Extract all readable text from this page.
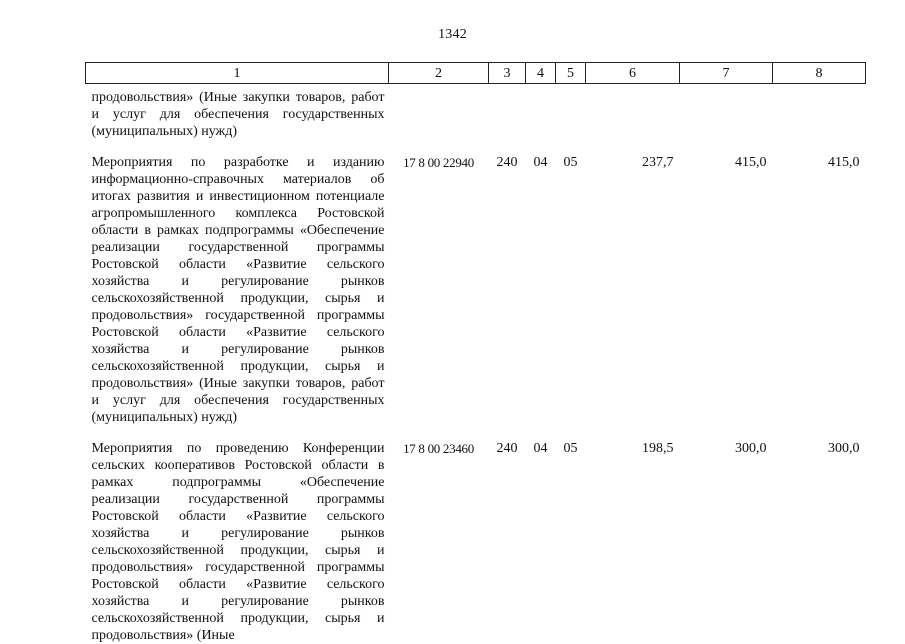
1342
1	2	3	4	5	6	7	8
продовольствия» (Иные закупки товаров, работ и услуг для обеспечения государственных (муниципальных) нужд)							
Мероприятия по разработке и изданию информационно-справочных материалов об итогах развития и инвестиционном потенциале агропромышленного комплекса Ростовской области в рамках подпрограммы «Обеспечение реализации государственной программы Ростовской области «Развитие сельского хозяйства и регулирование рынков сельскохозяйственной продукции, сырья и продовольствия» государственной программы Ростовской области «Развитие сельского хозяйства и регулирование рынков сельскохозяйственной продукции, сырья и продовольствия» (Иные закупки товаров, работ и услуг для обеспечения государственных (муниципальных) нужд)	17 8 00 22940	240	04	05	237,7	415,0	415,0
Мероприятия по проведению Конференции сельских кооперативов Ростовской области в рамках подпрограммы «Обеспечение реализации государственной программы Ростовской области «Развитие сельского хозяйства и регулирование рынков сельскохозяйственной продукции, сырья и продовольствия» государственной программы Ростовской области «Развитие сельского хозяйства и регулирование рынков сельскохозяйственной продукции, сырья и продовольствия» (Иные	17 8 00 23460	240	04	05	198,5	300,0	300,0
